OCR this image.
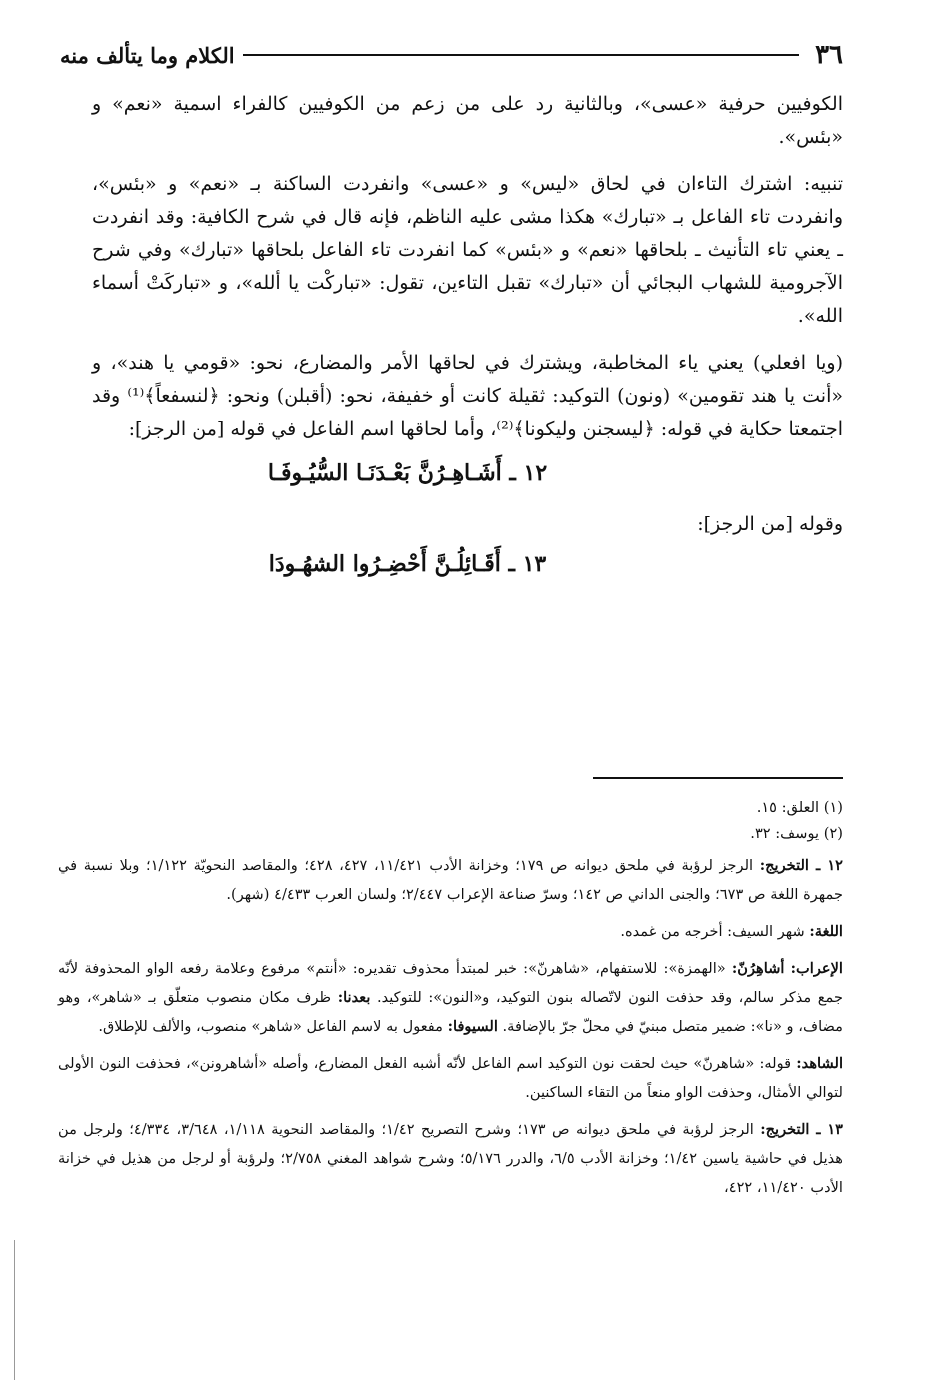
٣٦
الكلام وما يتألف منه

الكوفيين حرفية «عسى»، وبالثانية رد على من زعم من الكوفيين كالفراء اسمية «نعم» و «بئس».

تنبيه: اشترك التاءان في لحاق «ليس» و «عسى» وانفردت الساكنة بـ «نعم» و «بئس»، وانفردت تاء الفاعل بـ «تبارك» هكذا مشى عليه الناظم، فإنه قال في شرح الكافية: وقد انفردت ـ يعني تاء التأنيث ـ بلحاقها «نعم» و «بئس» كما انفردت تاء الفاعل بلحاقها «تبارك» وفي شرح الآجرومية للشهاب البجائي أن «تبارك» تقبل التاءين، تقول: «تباركْت يا ألله»، و «تباركَتْ أسماء الله».

(ويا افعلي) يعني ياء المخاطبة، ويشترك في لحاقها الأمر والمضارع، نحو: «قومي يا هند»، و «أنت يا هند تقومين» (ونون) التوكيد: ثقيلة كانت أو خفيفة، نحو: (أقبلن) ونحو: ﴿لنسفعاً﴾⁽¹⁾ وقد اجتمعتا حكاية في قوله: ﴿ليسجنن وليكونا﴾⁽²⁾، وأما لحاقها اسم الفاعل في قوله [من الرجز]:

١٢ ـ أَشَـاهِـرُنَّ بَعْـدَنَـا السُّيُـوفَـا

وقوله [من الرجز]:

١٣ ـ أَقَـائِلُـنَّ أَحْضِـرُوا الشهُـودَا

(١) العلق: ١٥.

(٢) يوسف: ٣٢.

١٢ ـ التخريج: الرجز لرؤبة في ملحق ديوانه ص ١٧٩؛ وخزانة الأدب ١١/٤٢١، ٤٢٧، ٤٢٨؛ والمقاصد النحويّة ١/١٢٢؛ وبلا نسبة في جمهرة اللغة ص ٦٧٣؛ والجنى الداني ص ١٤٢؛ وسرّ صناعة الإعراب ٢/٤٤٧؛ ولسان العرب ٤/٤٣٣ (شهر).

اللغة: شهر السيف: أخرجه من غمده.

الإعراب: أشاهِرُنّ: «الهمزة»: للاستفهام، «شاهرنّ»: خبر لمبتدأ محذوف تقديره: «أنتم» مرفوع وعلامة رفعه الواو المحذوفة لأنّه جمع مذكر سالم، وقد حذفت النون لاتّصاله بنون التوكيد، و«النون»: للتوكيد. بعدنا: ظرف مكان منصوب متعلّق بـ «شاهر»، وهو مضاف، و «نا»: ضمير متصل مبنيّ في محلّ جرّ بالإضافة. السيوفا: مفعول به لاسم الفاعل «شاهر» منصوب، والألف للإطلاق.

الشاهد: قوله: «شاهرنّ» حيث لحقت نون التوكيد اسم الفاعل لأنّه أشبه الفعل المضارع، وأصله «أشاهرونن»، فحذفت النون الأولى لتوالي الأمثال، وحذفت الواو منعاً من التقاء الساكنين.

١٣ ـ التخريج: الرجز لرؤبة في ملحق ديوانه ص ١٧٣؛ وشرح التصريح ١/٤٢؛ والمقاصد النحوية ١/١١٨، ٣/٦٤٨، ٤/٣٣٤؛ ولرجل من هذيل في حاشية ياسين ١/٤٢؛ وخزانة الأدب ٦/٥، والدرر ٥/١٧٦؛ وشرح شواهد المغني ٢/٧٥٨؛ ولرؤبة أو لرجل من هذيل في خزانة الأدب ١١/٤٢٠، ٤٢٢،
